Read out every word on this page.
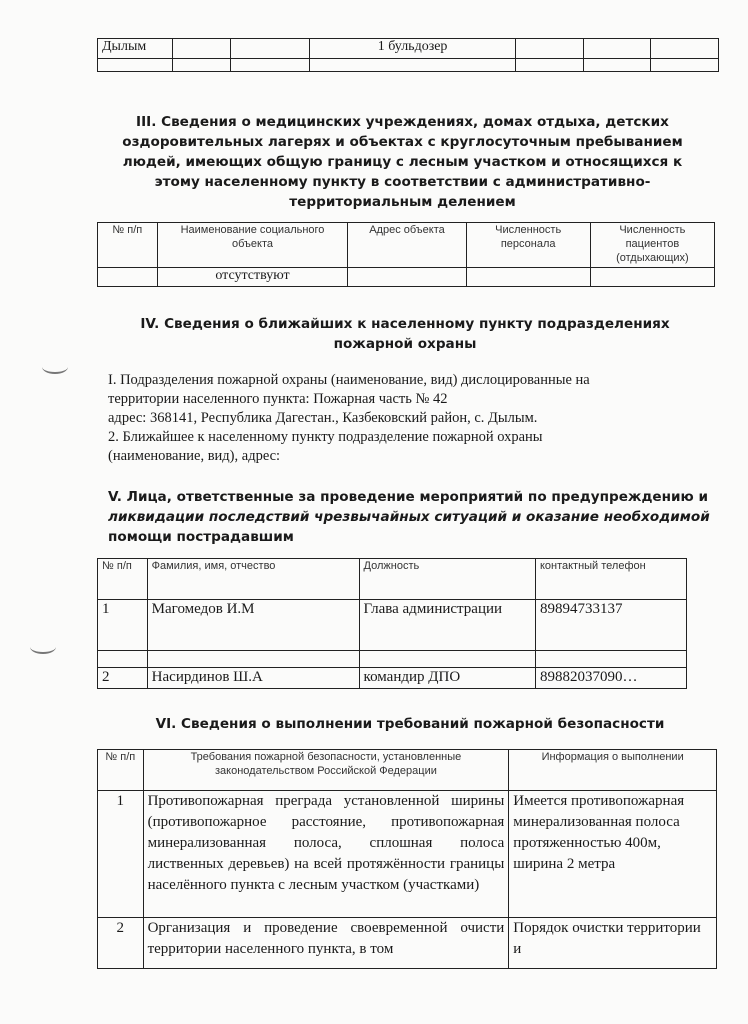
Дылым			1 бульдозер			

III. Сведения о медицинских учреждениях, домах отдыха, детских оздоровительных лагерях и объектах с круглосуточным пребыванием людей, имеющих общую границу с лесным участком и относящихся к этому населенному пункту в соответствии с административно-территориальным делением
№ п/п	Наименование социального объекта	Адрес объекта	Численность персонала	Численность пациентов (отдыхающих)
	отсутствуют			
IV. Сведения о ближайших к населенному пункту подразделениях пожарной охраны
I. Подразделения пожарной охраны (наименование, вид) дислоцированные на
территории населенного пункта: Пожарная часть № 42
адрес: 368141, Республика Дагестан., Казбековский район, с. Дылым.
2. Ближайшее к населенному пункту подразделение пожарной охраны
(наименование, вид), адрес:
V. Лица, ответственные за проведение мероприятий по предупреждению и
ликвидации последствий чрезвычайных ситуаций и оказание необходимой
помощи пострадавшим
№ п/п	Фамилия, имя, отчество	Должность	контактный телефон
1	Магомедов И.М	Глава администрации	89894733137

2	Насирдинов Ш.А	командир ДПО	89882037090…
VI. Сведения о выполнении требований пожарной безопасности
№ п/п	Требования пожарной безопасности, установленные законодательством Российской Федерации	Информация о выполнении
1	Противопожарная преграда установленной ширины (противопожарное расстояние, противопожарная минерализованная полоса, сплошная полоса лиственных деревьев) на всей протяжённости границы населённого пункта с лесным участком (участками)	Имеется противопожарная минерализованная полоса протяженностью 400м, ширина 2 метра
2	Организация и проведение своевременной очисти территории населенного пункта, в том	Порядок очистки территории и
